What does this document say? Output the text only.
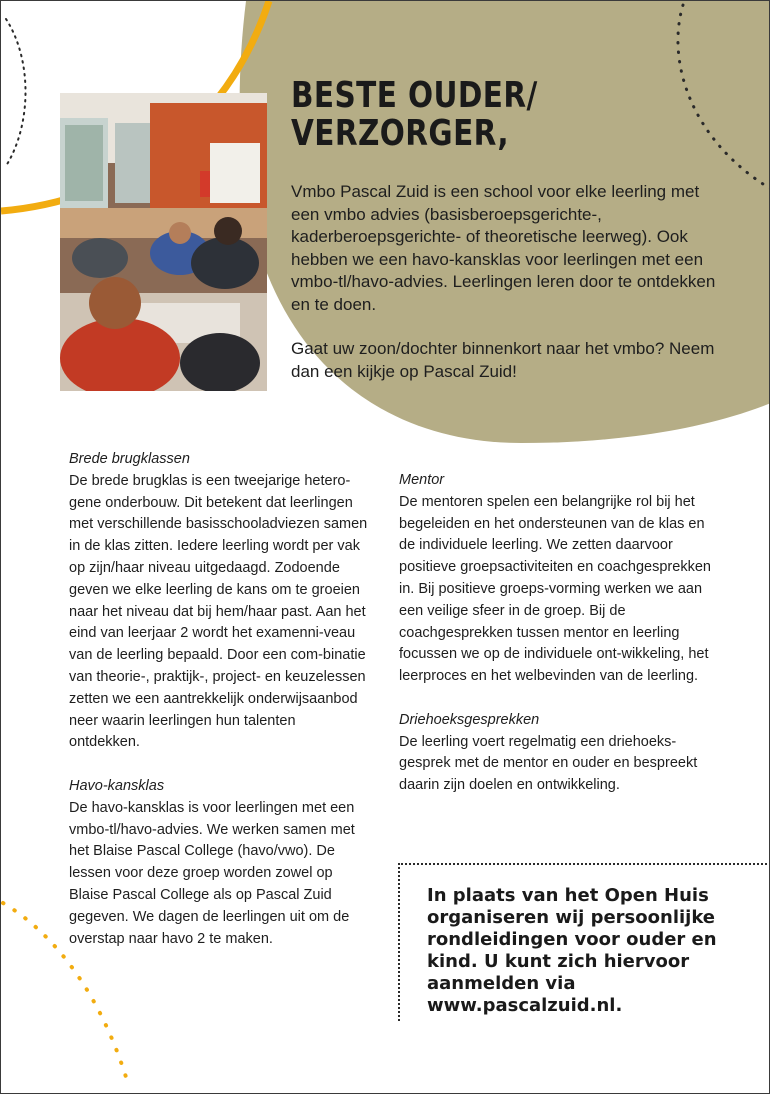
BESTE OUDER/
VERZORGER,

Vmbo Pascal Zuid is een school voor elke leerling met een vmbo advies (basisberoepsgerichte-, kaderberoepsgerichte- of theoretische leerweg). Ook hebben we een havo-kansklas voor leerlingen met een vmbo-tl/havo-advies. Leerlingen leren door te ontdekken en te doen.

Gaat uw zoon/dochter binnenkort naar het vmbo? Neem dan een kijkje op Pascal Zuid!

Brede brugklassen

De brede brugklas is een tweejarige hetero-gene onderbouw. Dit betekent dat leerlingen met verschillende basisschooladviezen samen in de klas zitten. Iedere leerling wordt per vak op zijn/haar niveau uitgedaagd. Zodoende geven we elke leerling de kans om te groeien naar het niveau dat bij hem/haar past. Aan het eind van leerjaar 2 wordt het examenni-veau van de leerling bepaald. Door een com-binatie van theorie-, praktijk-, project- en keuzelessen zetten we een aantrekkelijk onderwijsaanbod neer waarin leerlingen hun talenten ontdekken.

Havo-kansklas

De havo-kansklas is voor leerlingen met een vmbo-tl/havo-advies. We werken samen met het Blaise Pascal College (havo/vwo). De lessen voor deze groep worden zowel op Blaise Pascal College als op Pascal Zuid gegeven. We dagen de leerlingen uit om de overstap naar havo 2 te maken.

Mentor

De mentoren spelen een belangrijke rol bij het begeleiden en het ondersteunen van de klas en de individuele leerling. We zetten daarvoor positieve groepsactiviteiten en coachgesprekken in. Bij positieve groeps-vorming werken we aan een veilige sfeer in de groep. Bij de coachgesprekken tussen mentor en leerling focussen we op de individuele ont-wikkeling, het leerproces en het welbevinden van de leerling.

Driehoeksgesprekken

De leerling voert regelmatig een driehoeks-gesprek met de mentor en ouder en bespreekt daarin zijn doelen en ontwikkeling.

In plaats van het Open Huis organiseren wij persoonlijke rondleidingen voor ouder en kind. U kunt zich hiervoor aanmelden via www.pascalzuid.nl.
